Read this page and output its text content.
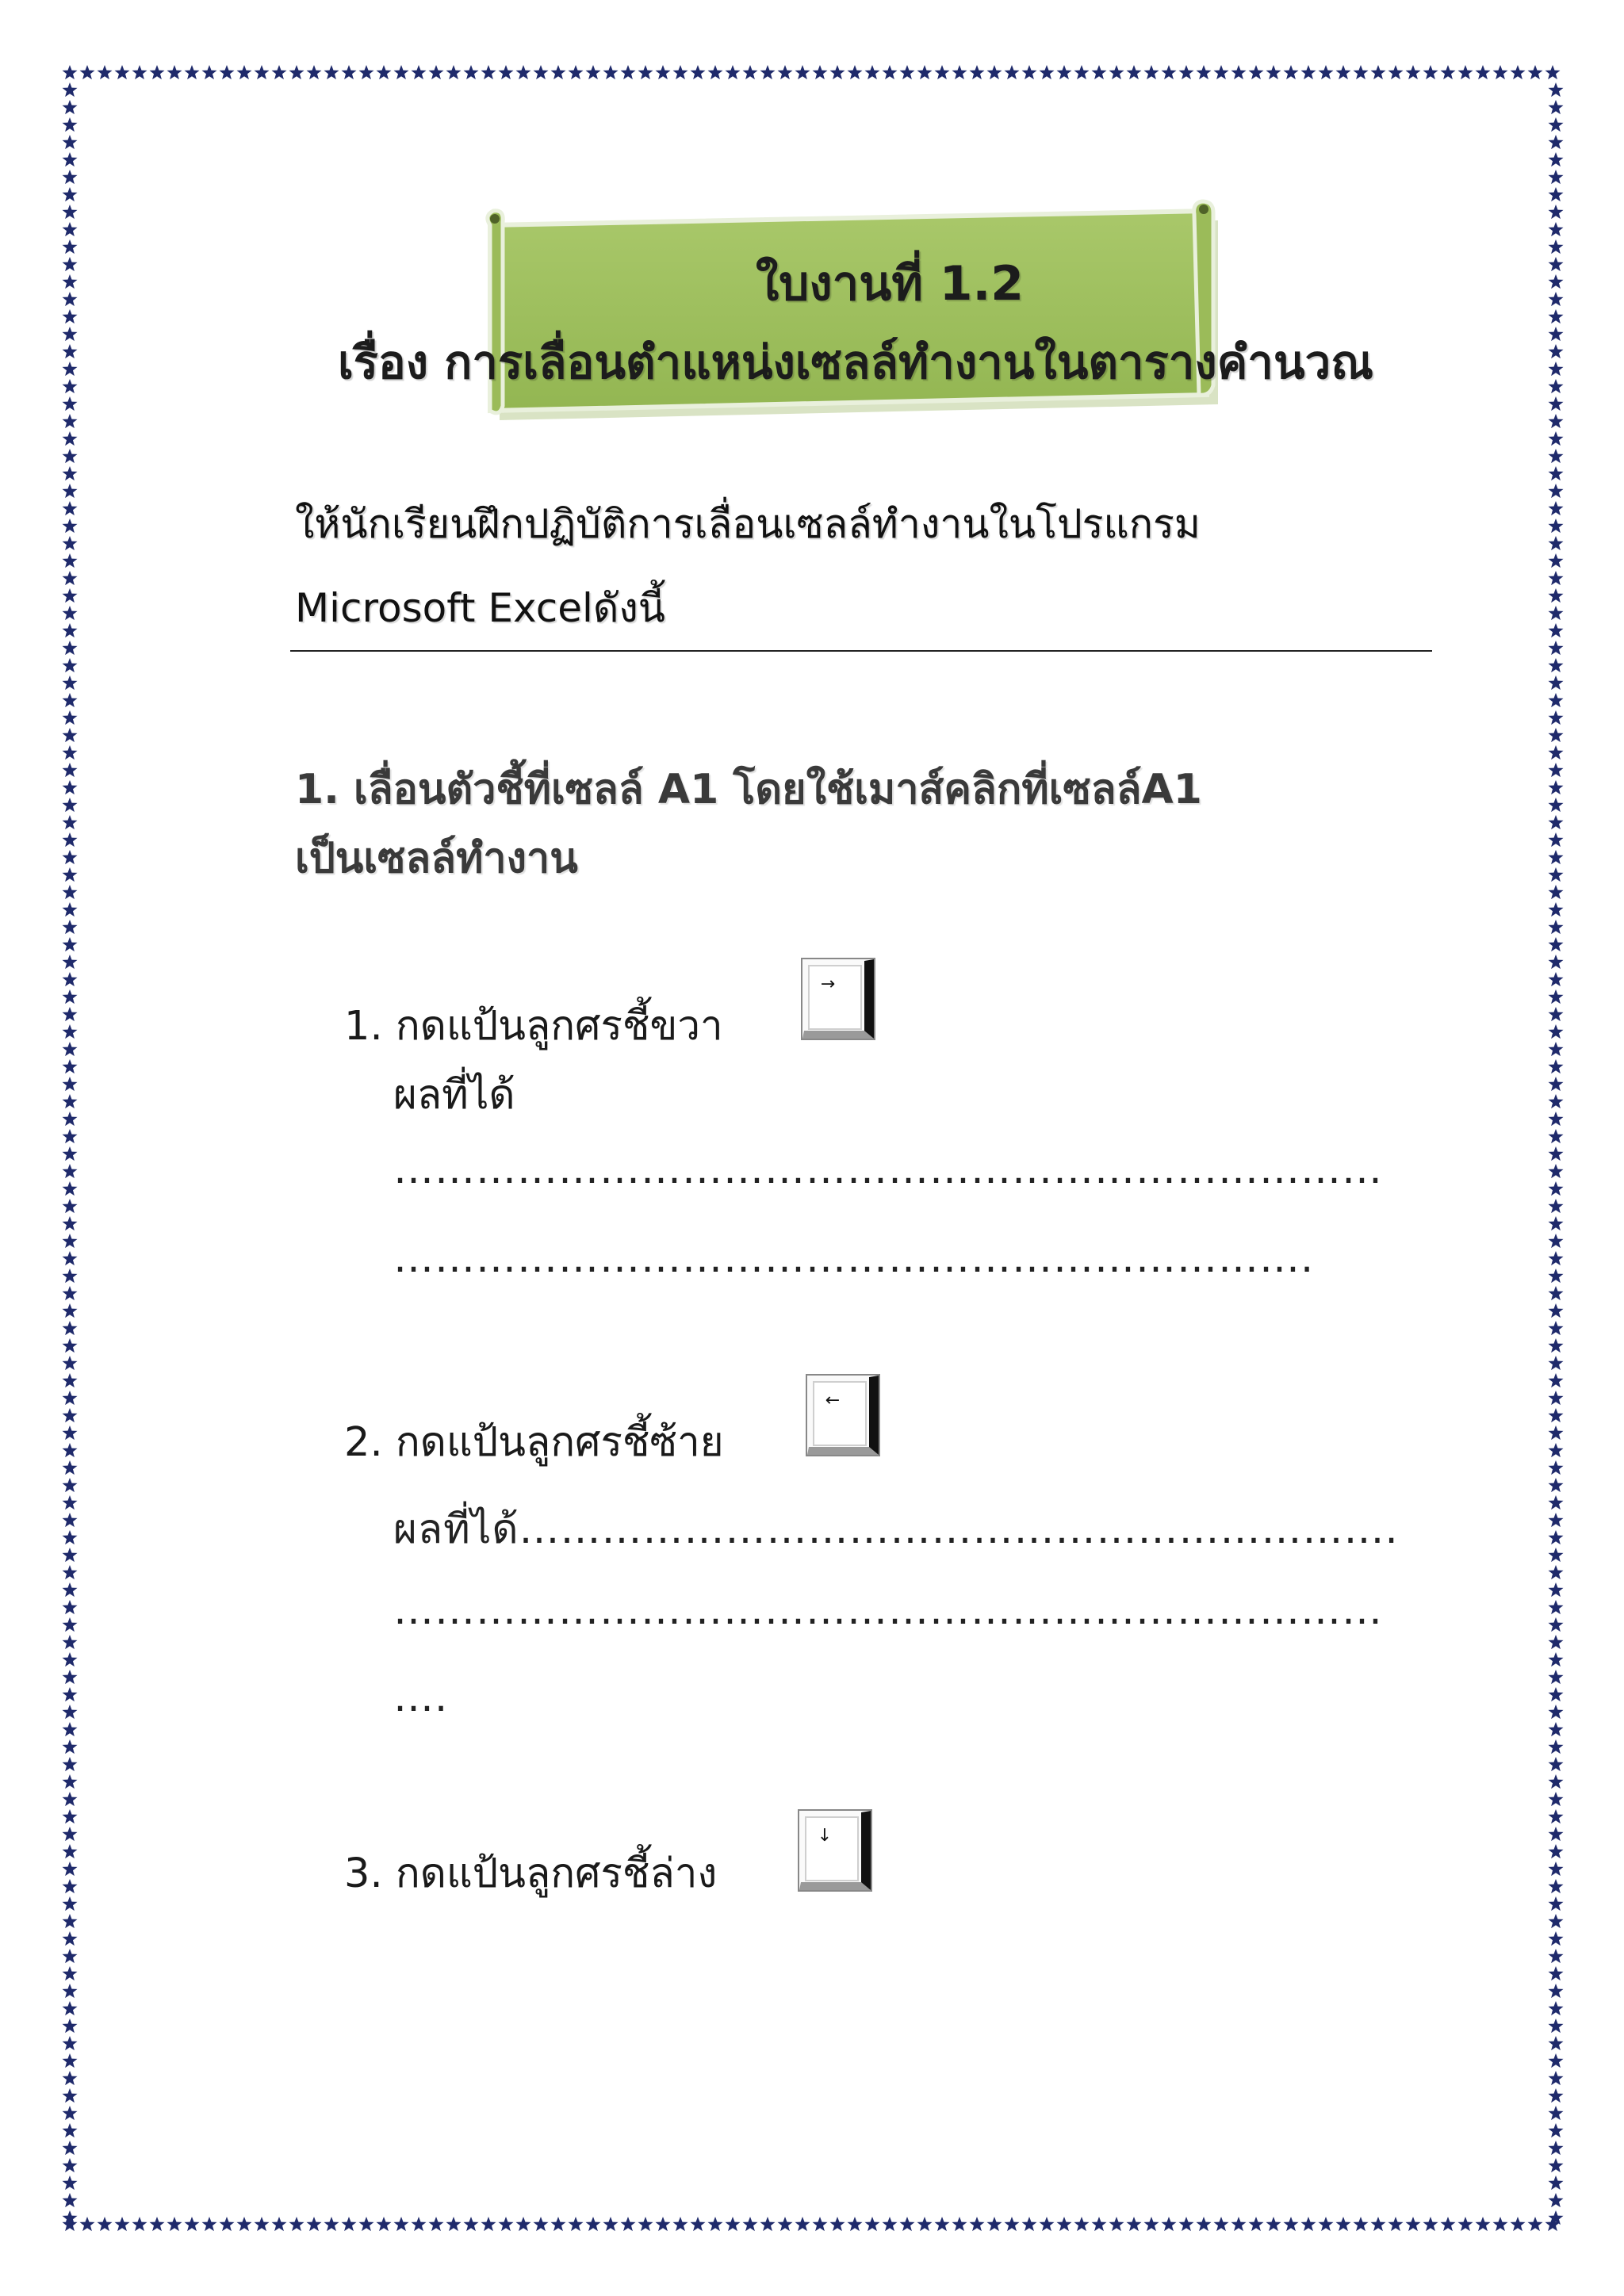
ใบงานที่ 1.2
เรื่อง การเลื่อนตำแหน่งเซลล์ทำงานในตารางคำนวณ
ให้นักเรียนฝึกปฏิบัติการเลื่อนเซลล์ทำงานในโปรแกรม
Microsoft Excelดังนี้
1. เลื่อนตัวชี้ที่เซลล์ A1 โดยใช้เมาส์คลิกที่เซลล์A1
เป็นเซลล์ทำงาน
1. กดแป้นลูกศรชี้ขวา
→
ผลที่ได้
………………………………………………………………
………………………………………………………….
2. กดแป้นลูกศรชี้ซ้าย
←
ผลที่ได้……………………………………………………….
………………………………………………………………
….
3. กดแป้นลูกศรชี้ล่าง
↓
